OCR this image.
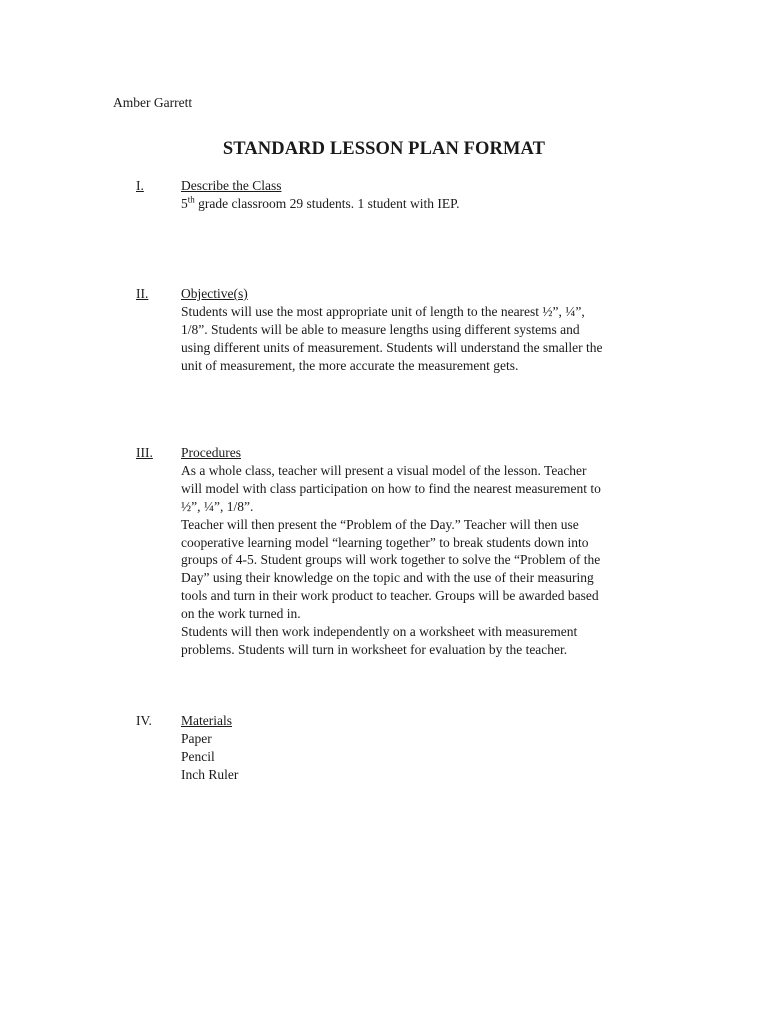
Amber Garrett
STANDARD LESSON PLAN FORMAT
I.	Describe the Class
5th grade classroom 29 students. 1 student with IEP.
II. Objective(s)
Students will use the most appropriate unit of length to the nearest ½”, ¼”,
1/8”. Students will be able to measure lengths using different systems and
using different units of measurement. Students will understand the smaller the
unit of measurement, the more accurate the measurement gets.
III. Procedures
As a whole class, teacher will present a visual model of the lesson. Teacher
will model with class participation on how to find the nearest measurement to
½”, ¼”, 1/8”.
Teacher will then present the “Problem of the Day.” Teacher will then use
cooperative learning model “learning together” to break students down into
groups of 4-5. Student groups will work together to solve the “Problem of the
Day” using their knowledge on the topic and with the use of their measuring
tools and turn in their work product to teacher. Groups will be awarded based
on the work turned in.
Students will then work independently on a worksheet with measurement
problems. Students will turn in worksheet for evaluation by the teacher.
IV. Materials
Paper
Pencil
Inch Ruler
